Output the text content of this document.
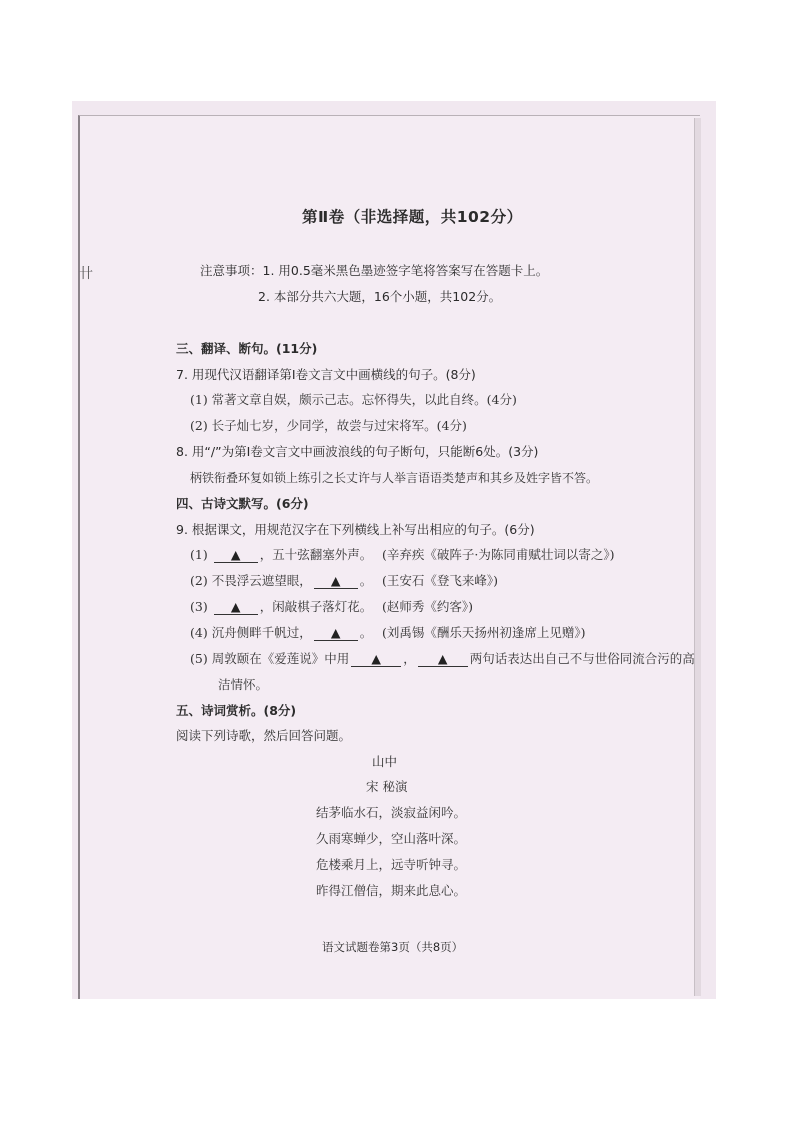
卄
第Ⅱ卷（非选择题，共102分）
注意事项：1. 用0.5毫米黑色墨迹签字笔将答案写在答题卡上。
2. 本部分共六大题，16个小题，共102分。
三、翻译、断句。(11分)
7. 用现代汉语翻译第Ⅰ卷文言文中画横线的句子。(8分)
(1) 常著文章自娱，颇示己志。忘怀得失，以此自终。(4分)
(2) 长子灿七岁，少同学，故尝与过宋将军。(4分)
8. 用“/”为第Ⅰ卷文言文中画波浪线的句子断句，只能断6处。(3分)
柄铁衔叠环复如锁上练引之长丈许与人举言语语类楚声和其乡及姓字皆不答。
四、古诗文默写。(6分)
9. 根据课文，用规范汉字在下列横线上补写出相应的句子。(6分)
(1) ▲ ，五十弦翻塞外声。 (辛弃疾《破阵子·为陈同甫赋壮词以寄之》)
(2) 不畏浮云遮望眼， ▲ 。 (王安石《登飞来峰》)
(3) ▲ ，闲敲棋子落灯花。 (赵师秀《约客》)
(4) 沉舟侧畔千帆过， ▲ 。 (刘禹锡《酬乐天扬州初逢席上见赠》)
(5) 周敦颐在《爱莲说》中用 ▲ ， ▲ 两句话表达出自己不与世俗同流合污的高
洁情怀。
五、诗词赏析。(8分)
阅读下列诗歌，然后回答问题。
山中
宋 秘演
结茅临水石，淡寂益闲吟。
久雨寒蝉少，空山落叶深。
危楼乘月上，远寺听钟寻。
昨得江僧信，期来此息心。
语文试题卷第3页（共8页）
